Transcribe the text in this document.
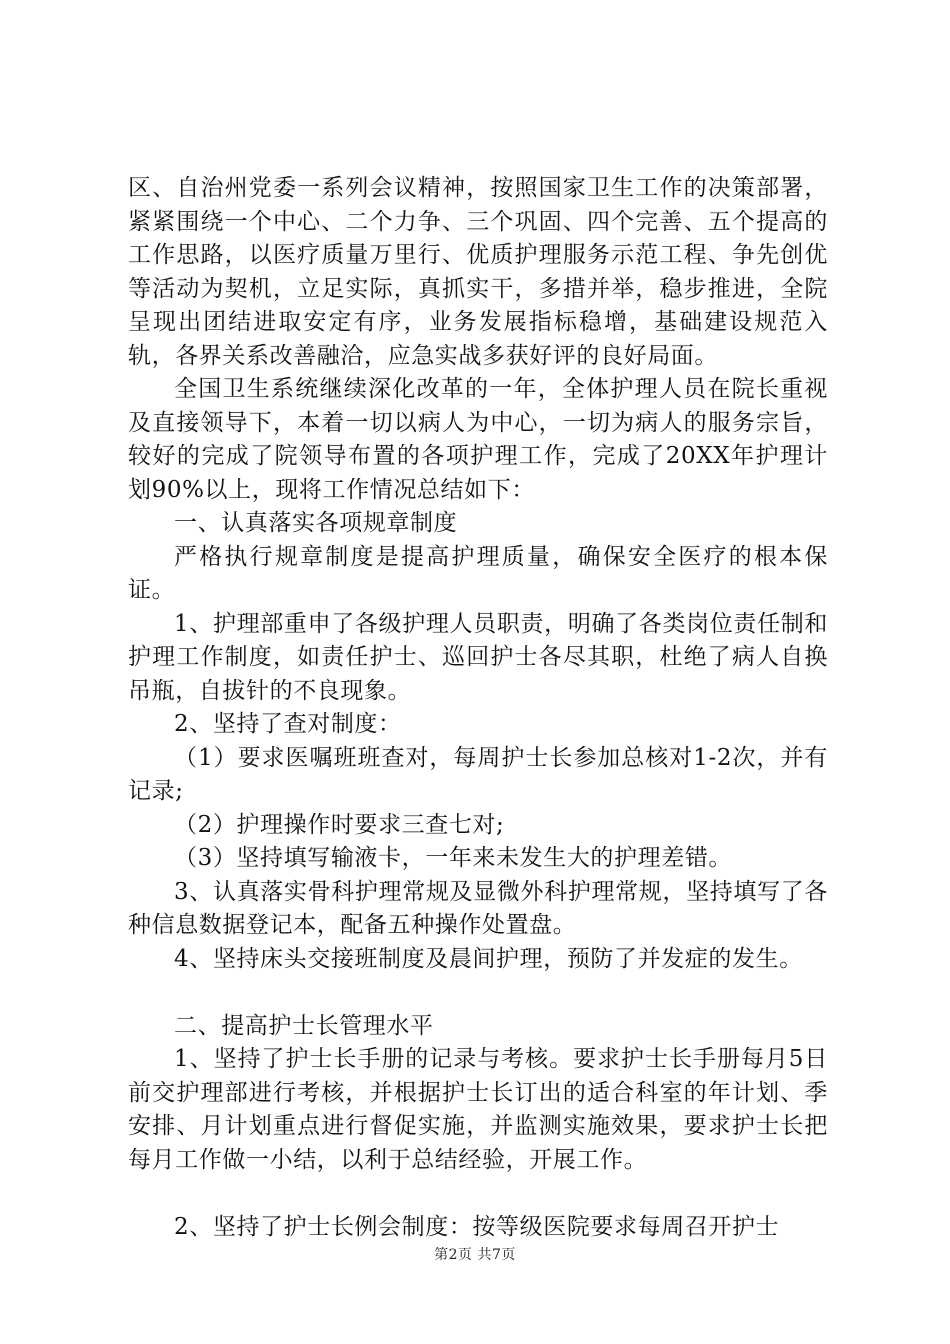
区、自治州党委一系列会议精神，按照国家卫生工作的决策部署，紧紧围绕一个中心、二个力争、三个巩固、四个完善、五个提高的工作思路，以医疗质量万里行、优质护理服务示范工程、争先创优等活动为契机，立足实际，真抓实干，多措并举，稳步推进，全院呈现出团结进取安定有序，业务发展指标稳增，基础建设规范入轨，各界关系改善融洽，应急实战多获好评的良好局面。

全国卫生系统继续深化改革的一年，全体护理人员在院长重视及直接领导下，本着一切以病人为中心，一切为病人的服务宗旨，较好的完成了院领导布置的各项护理工作，完成了20XX年护理计划90%以上，现将工作情况总结如下：

一、认真落实各项规章制度

严格执行规章制度是提高护理质量，确保安全医疗的根本保证。

1、护理部重申了各级护理人员职责，明确了各类岗位责任制和护理工作制度，如责任护士、巡回护士各尽其职，杜绝了病人自换吊瓶，自拔针的不良现象。

2、坚持了查对制度：

（1）要求医嘱班班查对，每周护士长参加总核对1-2次，并有记录;

（2）护理操作时要求三查七对;

（3）坚持填写输液卡，一年来未发生大的护理差错。

3、认真落实骨科护理常规及显微外科护理常规，坚持填写了各种信息数据登记本，配备五种操作处置盘。

4、坚持床头交接班制度及晨间护理，预防了并发症的发生。

二、提高护士长管理水平

1、坚持了护士长手册的记录与考核。要求护士长手册每月5日前交护理部进行考核，并根据护士长订出的适合科室的年计划、季安排、月计划重点进行督促实施，并监测实施效果，要求护士长把每月工作做一小结，以利于总结经验，开展工作。

2、坚持了护士长例会制度：按等级医院要求每周召开护士

第2页 共7页
